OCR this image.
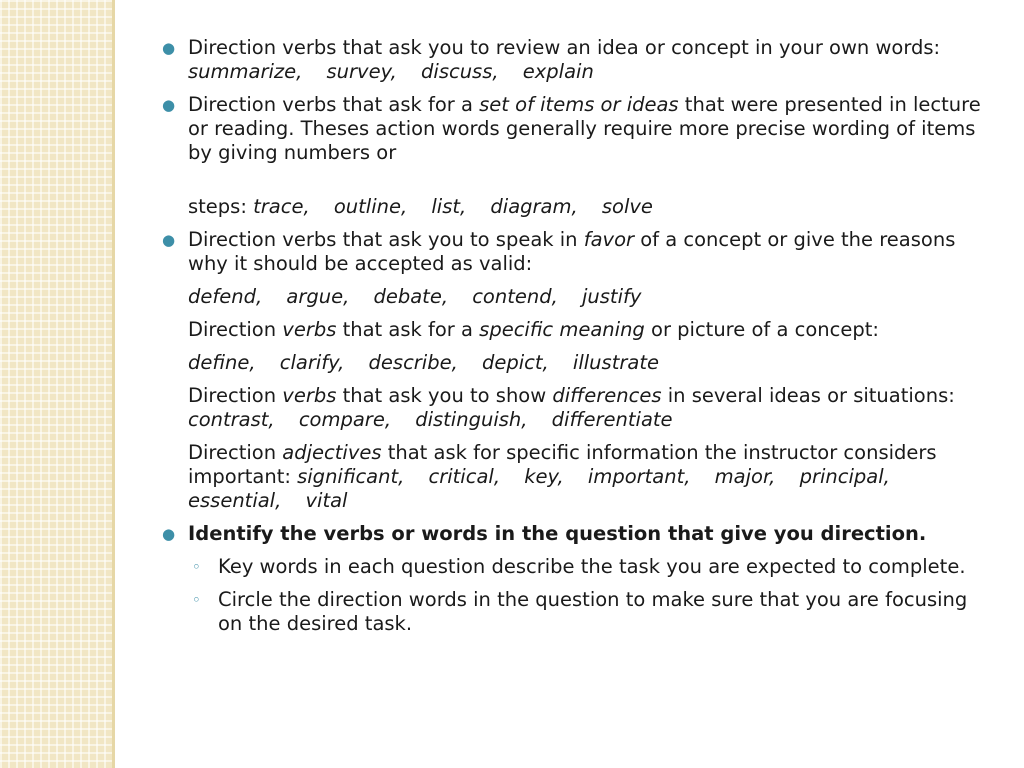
● Direction verbs that ask you to review an idea or concept in your own words: summarize, survey, discuss, explain
● Direction verbs that ask for a set of items or ideas that were presented in lecture or reading. Theses action words generally require more precise wording of items by giving numbers or
steps: trace, outline, list, diagram, solve
● Direction verbs that ask you to speak in favor of a concept or give the reasons why it should be accepted as valid:
defend, argue, debate, contend, justify
Direction verbs that ask for a specific meaning or picture of a concept:
define, clarify, describe, depict, illustrate
Direction verbs that ask you to show differences in several ideas or situations: contrast, compare, distinguish, differentiate
Direction adjectives that ask for specific information the instructor considers important: significant, critical, key, important, major, principal, essential, vital
● Identify the verbs or words in the question that give you direction.
◦ Key words in each question describe the task you are expected to complete.
◦ Circle the direction words in the question to make sure that you are focusing on the desired task.
